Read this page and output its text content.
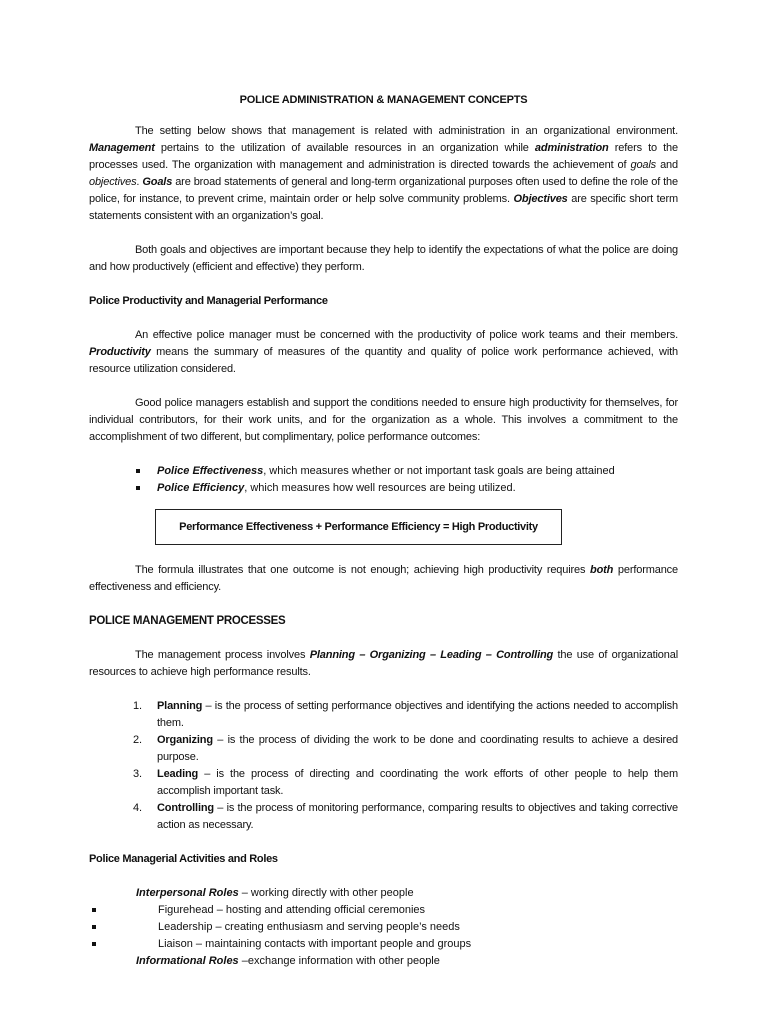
POLICE ADMINISTRATION & MANAGEMENT CONCEPTS

The setting below shows that management is related with administration in an organizational environment. Management pertains to the utilization of available resources in an organization while administration refers to the processes used. The organization with management and administration is directed towards the achievement of goals and objectives. Goals are broad statements of general and long-term organizational purposes often used to define the role of the police, for instance, to prevent crime, maintain order or help solve community problems. Objectives are specific short term statements consistent with an organization’s goal.

Both goals and objectives are important because they help to identify the expectations of what the police are doing and how productively (efficient and effective) they perform.

Police Productivity and Managerial Performance

An effective police manager must be concerned with the productivity of police work teams and their members. Productivity means the summary of measures of the quantity and quality of police work performance achieved, with resource utilization considered.

Good police managers establish and support the conditions needed to ensure high productivity for themselves, for individual contributors, for their work units, and for the organization as a whole. This involves a commitment to the accomplishment of two different, but complimentary, police performance outcomes:

Police Effectiveness, which measures whether or not important task goals are being attained
Police Efficiency, which measures how well resources are being utilized.
Performance Effectiveness + Performance Efficiency = High Productivity

The formula illustrates that one outcome is not enough; achieving high productivity requires both performance effectiveness and efficiency.

POLICE MANAGEMENT PROCESSES

The management process involves Planning – Organizing – Leading – Controlling the use of organizational resources to achieve high performance results.

1. Planning – is the process of setting performance objectives and identifying the actions needed to accomplish them.
2. Organizing – is the process of dividing the work to be done and coordinating results to achieve a desired purpose.
3. Leading – is the process of directing and coordinating the work efforts of other people to help them accomplish important task.
4. Controlling – is the process of monitoring performance, comparing results to objectives and taking corrective action as necessary.
Police Managerial Activities and Roles
Interpersonal Roles – working directly with other people
Figurehead – hosting and attending official ceremonies
Leadership – creating enthusiasm and serving people’s needs
Liaison – maintaining contacts with important people and groups
Informational Roles –exchange information with other people
